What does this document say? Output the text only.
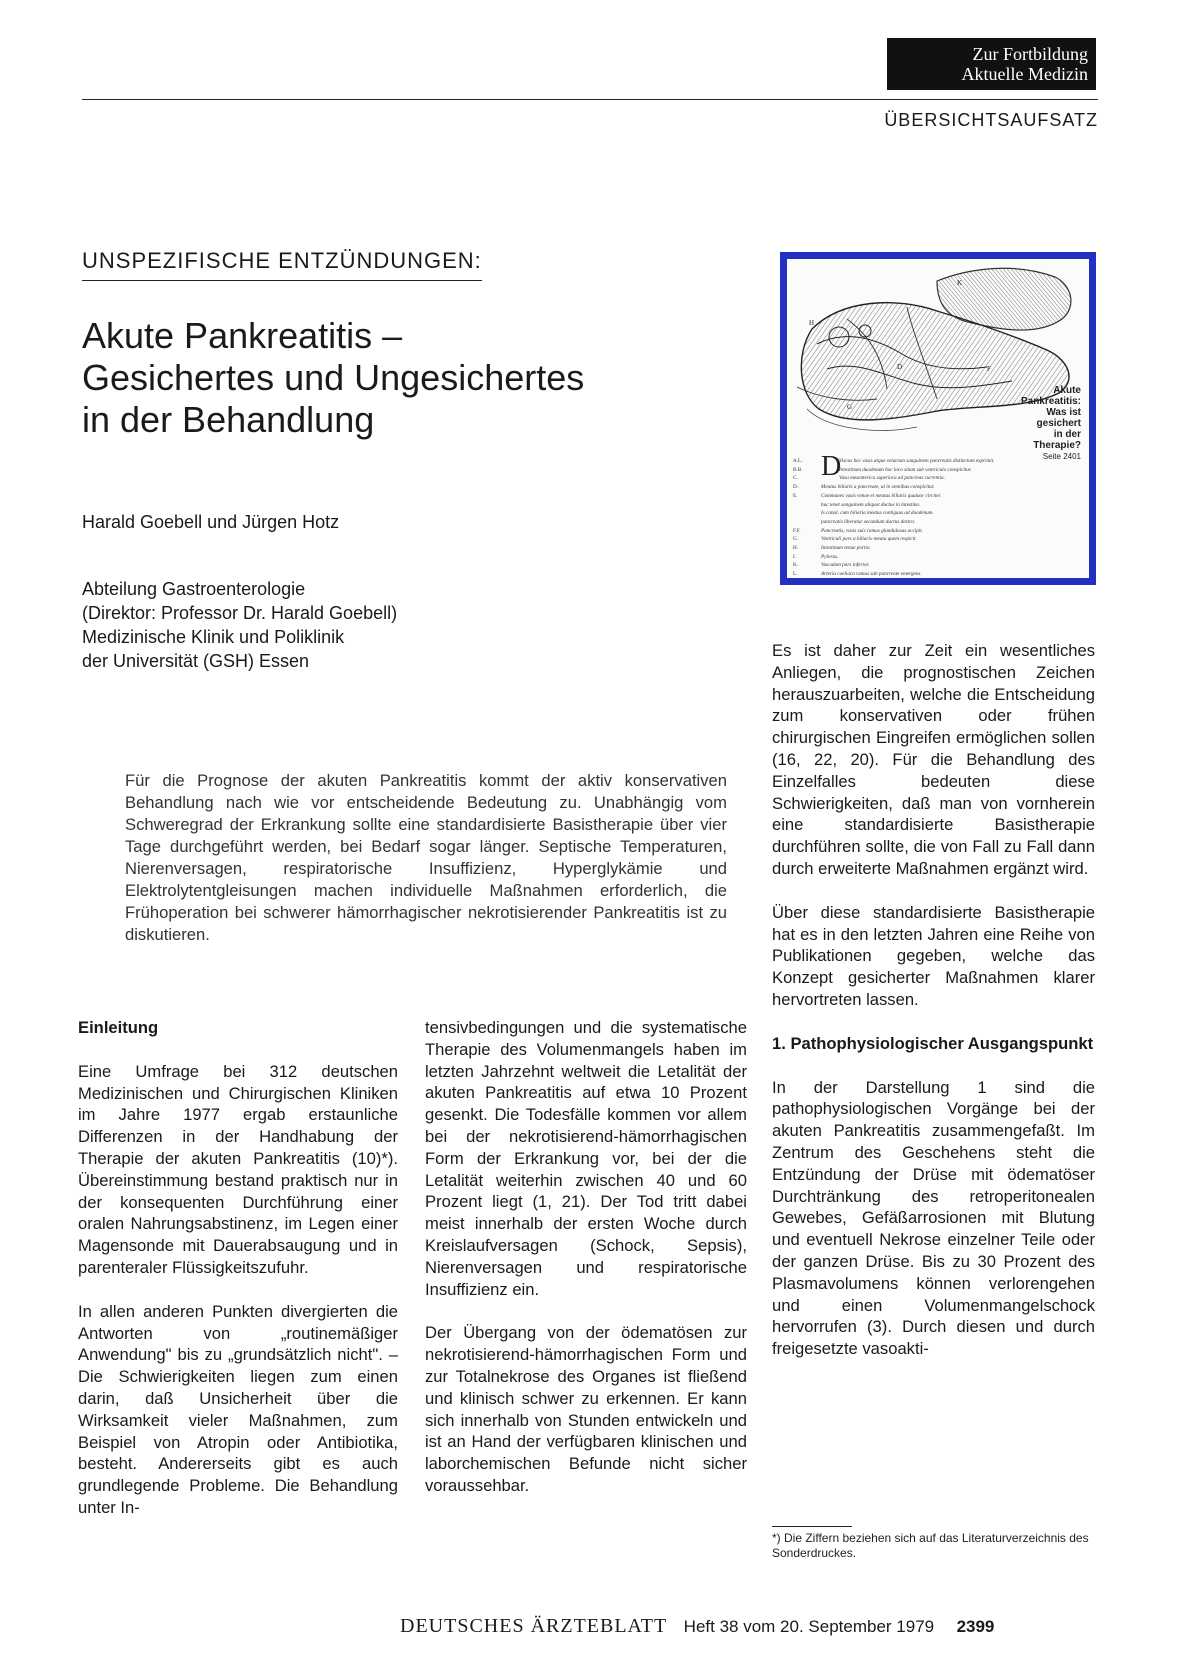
Zur Fortbildung
Aktuelle Medizin
ÜBERSICHTSAUFSATZ
UNSPEZIFISCHE ENTZÜNDUNGEN:
Akute Pankreatitis –
Gesichertes und Ungesichertes
in der Behandlung
Harald Goebell und Jürgen Hotz
Abteilung Gastroenterologie
(Direktor: Professor Dr. Harald Goebell)
Medizinische Klinik und Poliklinik
der Universität (GSH) Essen
H
K
D	F
G
Akute
Pankreatitis:
Was ist
gesichert
in der
Therapie?
Seite 2401
D
A.L.	Viscus hoc vasis atque venarum sanguinem pancreatis distinctum exprimit.
B.B.	Intestinum duodenum hoc loco situm sub ventriculo conspicitur.
C.	Vasa mesenterica superiora ad pancreas currentia.
D.	Meatus biliaris a pancreate, ut in omnibus conspicitur.
E.	Communes vasis venae et meatus biliaris quatuor circiter.
huc tenet sanguinem aliquot ductus in intestino.
Is canal. cum biliaria meatus contiguus ad duodenum.
pancreatis liberatur secundum ductus dextra.
F.F.	Pancreatis, vasis suis ramus glandulosus accipit.
G.	Ventriculi pars a biliario meatu quem respicit.
H.	Intestinum tenue portio.
I.	Pylorus.
K.	Vasculum pars inferior.
L.	Arteria coeliaca ramus sub pancreate emergens.

Für die Prognose der akuten Pankreatitis kommt der aktiv konservativen Behandlung nach wie vor entscheidende Bedeutung zu. Unabhängig vom Schweregrad der Erkrankung sollte eine standardisierte Basistherapie über vier Tage durchgeführt werden, bei Bedarf sogar länger. Septische Temperaturen, Nierenversagen, respiratorische Insuffizienz, Hyperglykämie und Elektrolytentgleisungen machen individuelle Maßnahmen erforderlich, die Frühoperation bei schwerer hämorrhagischer nekrotisierender Pankreatitis ist zu diskutieren.

Einleitung

Eine Umfrage bei 312 deutschen Medizinischen und Chirurgischen Kliniken im Jahre 1977 ergab erstaunliche Differenzen in der Handhabung der Therapie der akuten Pankreatitis (10)*). Übereinstimmung bestand praktisch nur in der konsequenten Durchführung einer oralen Nahrungsabstinenz, im Legen einer Magensonde mit Dauerabsaugung und in parenteraler Flüssigkeitszufuhr.

In allen anderen Punkten divergierten die Antworten von „routinemäßiger Anwendung" bis zu „grundsätzlich nicht". – Die Schwierigkeiten liegen zum einen darin, daß Unsicherheit über die Wirksamkeit vieler Maßnahmen, zum Beispiel von Atropin oder Antibiotika, besteht. Andererseits gibt es auch grundlegende Probleme. Die Behandlung unter In-

tensivbedingungen und die systematische Therapie des Volumenmangels haben im letzten Jahrzehnt weltweit die Letalität der akuten Pankreatitis auf etwa 10 Prozent gesenkt. Die Todesfälle kommen vor allem bei der nekrotisierend-hämorrhagischen Form der Erkrankung vor, bei der die Letalität weiterhin zwischen 40 und 60 Prozent liegt (1, 21). Der Tod tritt dabei meist innerhalb der ersten Woche durch Kreislaufversagen (Schock, Sepsis), Nierenversagen und respiratorische Insuffizienz ein.

Der Übergang von der ödematösen zur nekrotisierend-hämorrhagischen Form und zur Totalnekrose des Organes ist fließend und klinisch schwer zu erkennen. Er kann sich innerhalb von Stunden entwickeln und ist an Hand der verfügbaren klinischen und laborchemischen Befunde nicht sicher voraussehbar.

Es ist daher zur Zeit ein wesentliches Anliegen, die prognostischen Zeichen herauszuarbeiten, welche die Entscheidung zum konservativen oder frühen chirurgischen Eingreifen ermöglichen sollen (16, 22, 20). Für die Behandlung des Einzelfalles bedeuten diese Schwierigkeiten, daß man von vornherein eine standardisierte Basistherapie durchführen sollte, die von Fall zu Fall dann durch erweiterte Maßnahmen ergänzt wird.

Über diese standardisierte Basistherapie hat es in den letzten Jahren eine Reihe von Publikationen gegeben, welche das Konzept gesicherter Maßnahmen klarer hervortreten lassen.

1. Pathophysiologischer Ausgangspunkt

In der Darstellung 1 sind die pathophysiologischen Vorgänge bei der akuten Pankreatitis zusammengefaßt. Im Zentrum des Geschehens steht die Entzündung der Drüse mit ödematöser Durchtränkung des retroperitonealen Gewebes, Gefäßarrosionen mit Blutung und eventuell Nekrose einzelner Teile oder der ganzen Drüse. Bis zu 30 Prozent des Plasmavolumens können verlorengehen und einen Volumenmangelschock hervorrufen (3). Durch diesen und durch freigesetzte vasoakti-

*) Die Ziffern beziehen sich auf das Literaturverzeichnis des Sonderdruckes.
DEUTSCHES ÄRZTEBLATT Heft 38 vom 20. September 1979 2399
